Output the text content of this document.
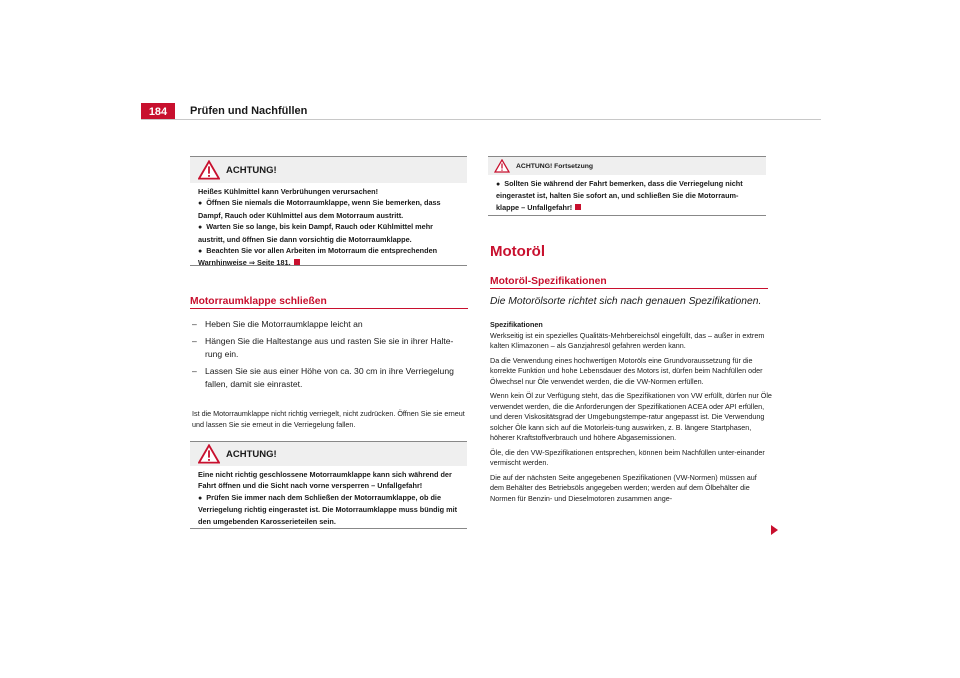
184	Prüfen und Nachfüllen
ACHTUNG!

Heißes Kühlmittel kann Verbrühungen verursachen!

● Öffnen Sie niemals die Motorraumklappe, wenn Sie bemerken, dass Dampf, Rauch oder Kühlmittel aus dem Motorraum austritt.

● Warten Sie so lange, bis kein Dampf, Rauch oder Kühlmittel mehr austritt, und öffnen Sie dann vorsichtig die Motorraumklappe.

● Beachten Sie vor allen Arbeiten im Motorraum die entsprechenden Warnhinweise ⇒ Seite 181.

Motorraumklappe schließen
– Heben Sie die Motorraumklappe leicht an
– Hängen Sie die Haltestange aus und rasten Sie sie in ihrer Halte-rung ein.
– Lassen Sie sie aus einer Höhe von ca. 30 cm in ihre Verriegelung fallen, damit sie einrastet.

Ist die Motorraumklappe nicht richtig verriegelt, nicht zudrücken. Öffnen Sie sie erneut und lassen Sie sie erneut in die Verriegelung fallen.

ACHTUNG!

Eine nicht richtig geschlossene Motorraumklappe kann sich während der Fahrt öffnen und die Sicht nach vorne versperren – Unfallgefahr!

● Prüfen Sie immer nach dem Schließen der Motorraumklappe, ob die Verriegelung richtig eingerastet ist. Die Motorraumklappe muss bündig mit den umgebenden Karosserieteilen sein.

ACHTUNG! Fortsetzung

● Sollten Sie während der Fahrt bemerken, dass die Verriegelung nicht eingerastet ist, halten Sie sofort an, und schließen Sie die Motorraum-klappe – Unfallgefahr!

Motoröl
Motoröl-Spezifikationen
Die Motorölsorte richtet sich nach genauen Spezifikationen.

Spezifikationen

Werkseitig ist ein spezielles Qualitäts-Mehrbereichsöl eingefüllt, das – außer in extrem kalten Klimazonen – als Ganzjahresöl gefahren werden kann.

Da die Verwendung eines hochwertigen Motoröls eine Grundvoraussetzung für die korrekte Funktion und hohe Lebensdauer des Motors ist, dürfen beim Nachfüllen oder Ölwechsel nur Öle verwendet werden, die die VW-Normen erfüllen.

Wenn kein Öl zur Verfügung steht, das die Spezifikationen von VW erfüllt, dürfen nur Öle verwendet werden, die die Anforderungen der Spezifikationen ACEA oder API erfüllen, und deren Viskositätsgrad der Umgebungstempe-ratur angepasst ist. Die Verwendung solcher Öle kann sich auf die Motorleis-tung auswirken, z. B. längere Startphasen, höherer Kraftstoffverbrauch und höhere Abgasemissionen.

Öle, die den VW-Spezifikationen entsprechen, können beim Nachfüllen unter-einander vermischt werden.

Die auf der nächsten Seite angegebenen Spezifikationen (VW-Normen) müssen auf dem Behälter des Betriebsöls angegeben werden; werden auf dem Ölbehälter die Normen für Benzin- und Dieselmotoren zusammen ange-
